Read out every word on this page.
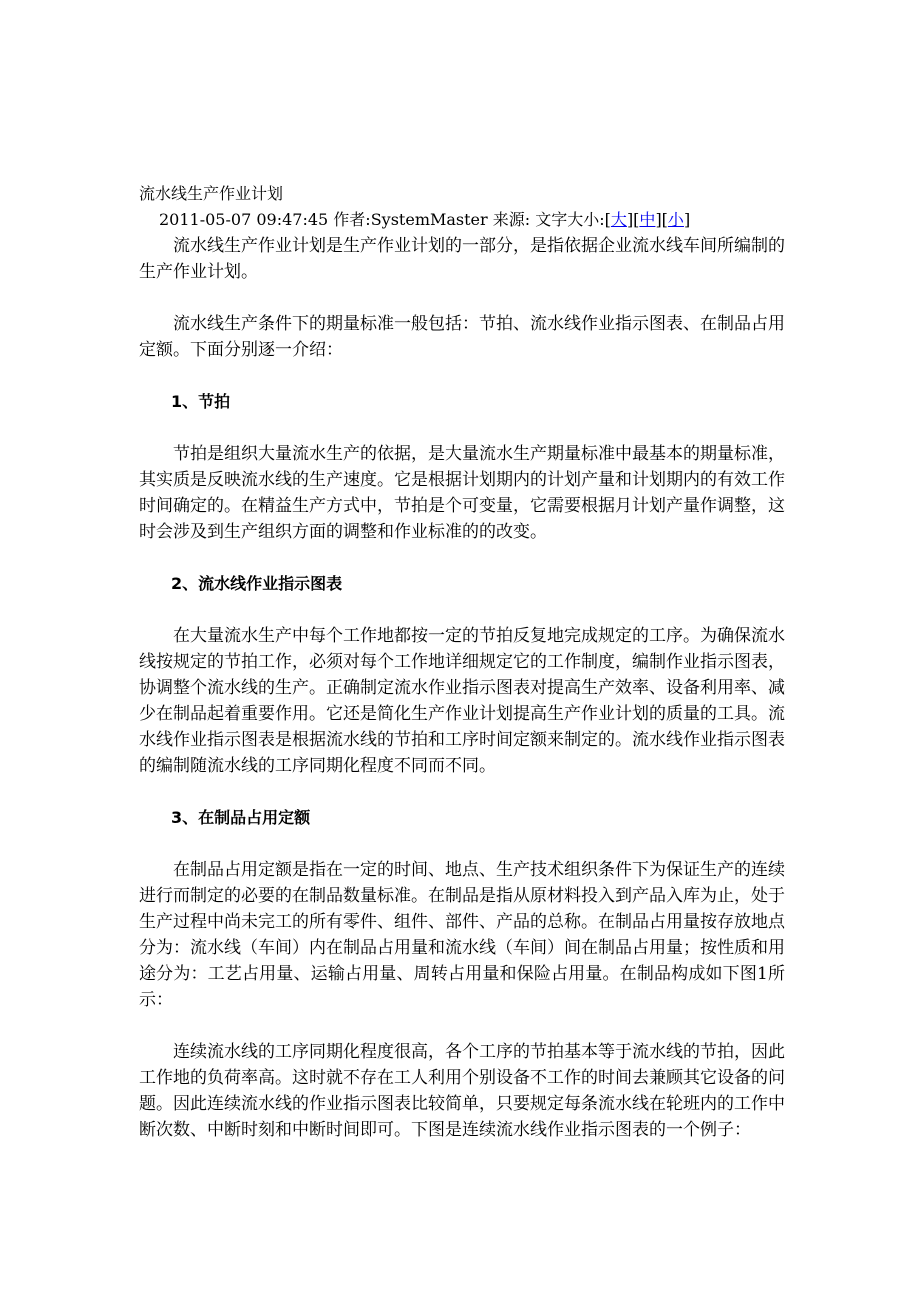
流水线生产作业计划
2011-05-07 09:47:45 作者:SystemMaster 来源: 文字大小:[大][中][小]

流水线生产作业计划是生产作业计划的一部分，是指依据企业流水线车间所编制的生产作业计划。

流水线生产条件下的期量标准一般包括：节拍、流水线作业指示图表、在制品占用定额。下面分别逐一介绍：

1、节拍

节拍是组织大量流水生产的依据，是大量流水生产期量标准中最基本的期量标准，其实质是反映流水线的生产速度。它是根据计划期内的计划产量和计划期内的有效工作时间确定的。在精益生产方式中，节拍是个可变量，它需要根据月计划产量作调整，这时会涉及到生产组织方面的调整和作业标准的的改变。

2、流水线作业指示图表

在大量流水生产中每个工作地都按一定的节拍反复地完成规定的工序。为确保流水线按规定的节拍工作，必须对每个工作地详细规定它的工作制度，编制作业指示图表，协调整个流水线的生产。正确制定流水作业指示图表对提高生产效率、设备利用率、减少在制品起着重要作用。它还是简化生产作业计划提高生产作业计划的质量的工具。流水线作业指示图表是根据流水线的节拍和工序时间定额来制定的。流水线作业指示图表的编制随流水线的工序同期化程度不同而不同。

3、在制品占用定额

在制品占用定额是指在一定的时间、地点、生产技术组织条件下为保证生产的连续进行而制定的必要的在制品数量标准。在制品是指从原材料投入到产品入库为止，处于生产过程中尚未完工的所有零件、组件、部件、产品的总称。在制品占用量按存放地点分为：流水线（车间）内在制品占用量和流水线（车间）间在制品占用量；按性质和用途分为：工艺占用量、运输占用量、周转占用量和保险占用量。在制品构成如下图1所示：

连续流水线的工序同期化程度很高，各个工序的节拍基本等于流水线的节拍，因此工作地的负荷率高。这时就不存在工人利用个别设备不工作的时间去兼顾其它设备的问题。因此连续流水线的作业指示图表比较简单，只要规定每条流水线在轮班内的工作中断次数、中断时刻和中断时间即可。下图是连续流水线作业指示图表的一个例子：
